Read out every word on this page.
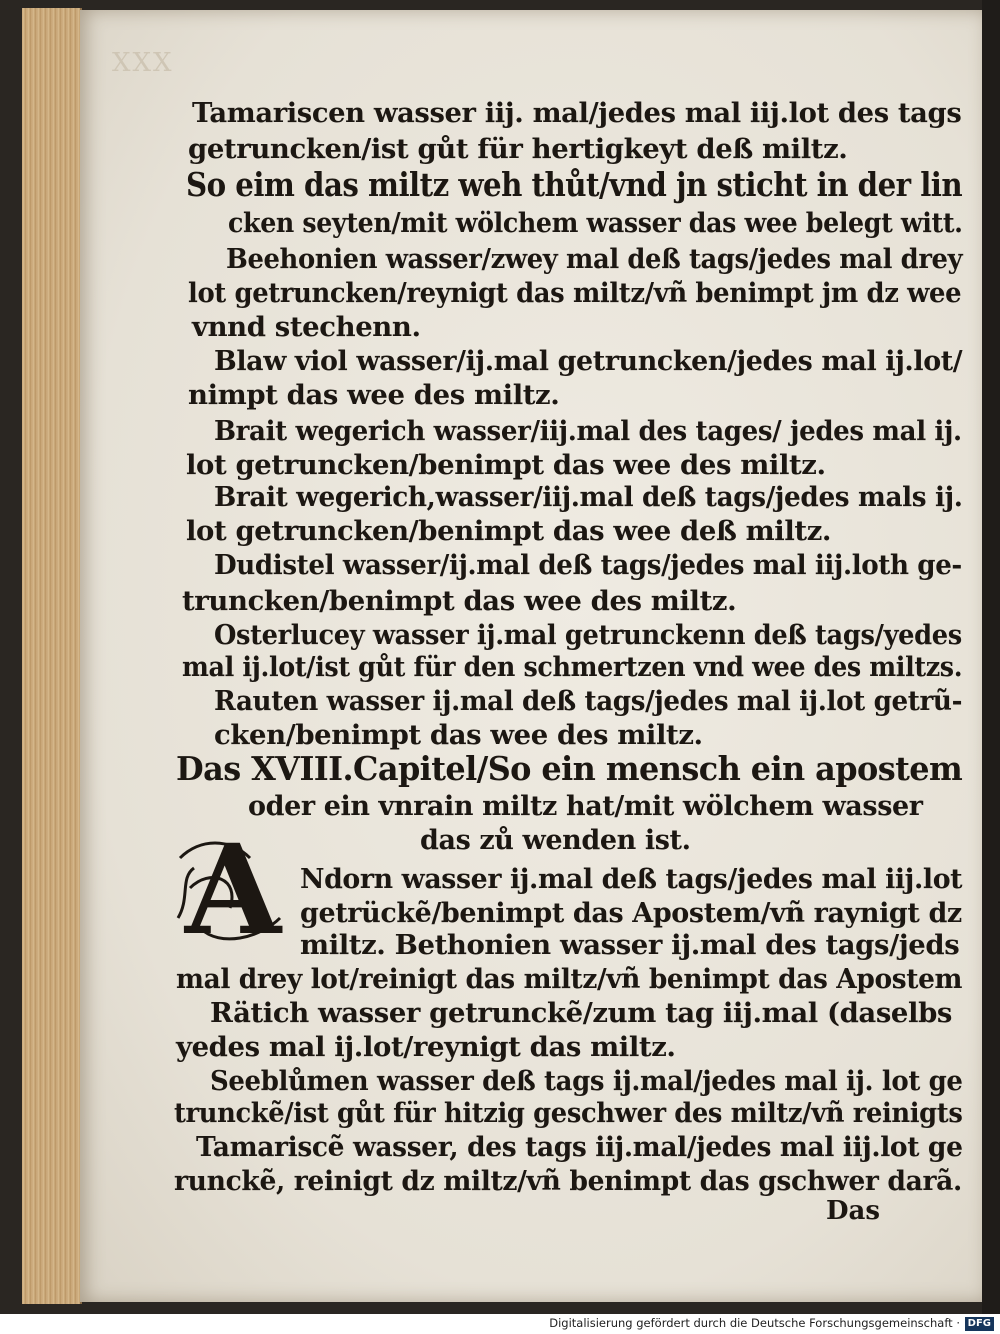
XXX
Tamariscen wasser iij. mal/jedes mal iij.lot des tags
getruncken/ist gůt für hertigkeyt deß miltz.
So eim das miltz weh thůt/vnd jn sticht in der lin
cken seyten/mit wölchem wasser das wee belegt witt.
Beehonien wasser/zwey mal deß tags/jedes mal drey
lot getruncken/reynigt das miltz/vñ benimpt jm dz wee
vnnd stechenn.
Blaw viol wasser/ij.mal getruncken/jedes mal ij.lot/
nimpt das wee des miltz.
Brait wegerich wasser/iij.mal des tages/ jedes mal ij.
lot getruncken/benimpt das wee des miltz.
Brait wegerich,wasser/iij.mal deß tags/jedes mals ij.
lot getruncken/benimpt das wee deß miltz.
Dudistel wasser/ij.mal deß tags/jedes mal iij.loth ge-
truncken/benimpt das wee des miltz.
Osterlucey wasser ij.mal getrunckenn deß tags/yedes
mal ij.lot/ist gůt für den schmertzen vnd wee des miltzs.
Rauten wasser ij.mal deß tags/jedes mal ij.lot getrũ-
cken/benimpt das wee des miltz.
Das XVIII.Capitel/So ein mensch ein apostem
oder ein vnrain miltz hat/mit wölchem wasser
das zů wenden ist.
A Ndorn wasser ij.mal deß tags/jedes mal iij.lot
getrückẽ/benimpt das Apostem/vñ raynigt dz
miltz. Bethonien wasser ij.mal des tags/jeds
mal drey lot/reinigt das miltz/vñ benimpt das Apostem
Rätich wasser getrunckẽ/zum tag iij.mal (daselbs
yedes mal ij.lot/reynigt das miltz.
Seeblůmen wasser deß tags ij.mal/jedes mal ij. lot ge
trunckẽ/ist gůt für hitzig geschwer des miltz/vñ reinigts
Tamariscẽ wasser, des tags iij.mal/jedes mal iij.lot ge
runckẽ, reinigt dz miltz/vñ benimpt das gschwer darã.
Das
Digitalisierung gefördert durch die Deutsche Forschungsgemeinschaft · DFG
